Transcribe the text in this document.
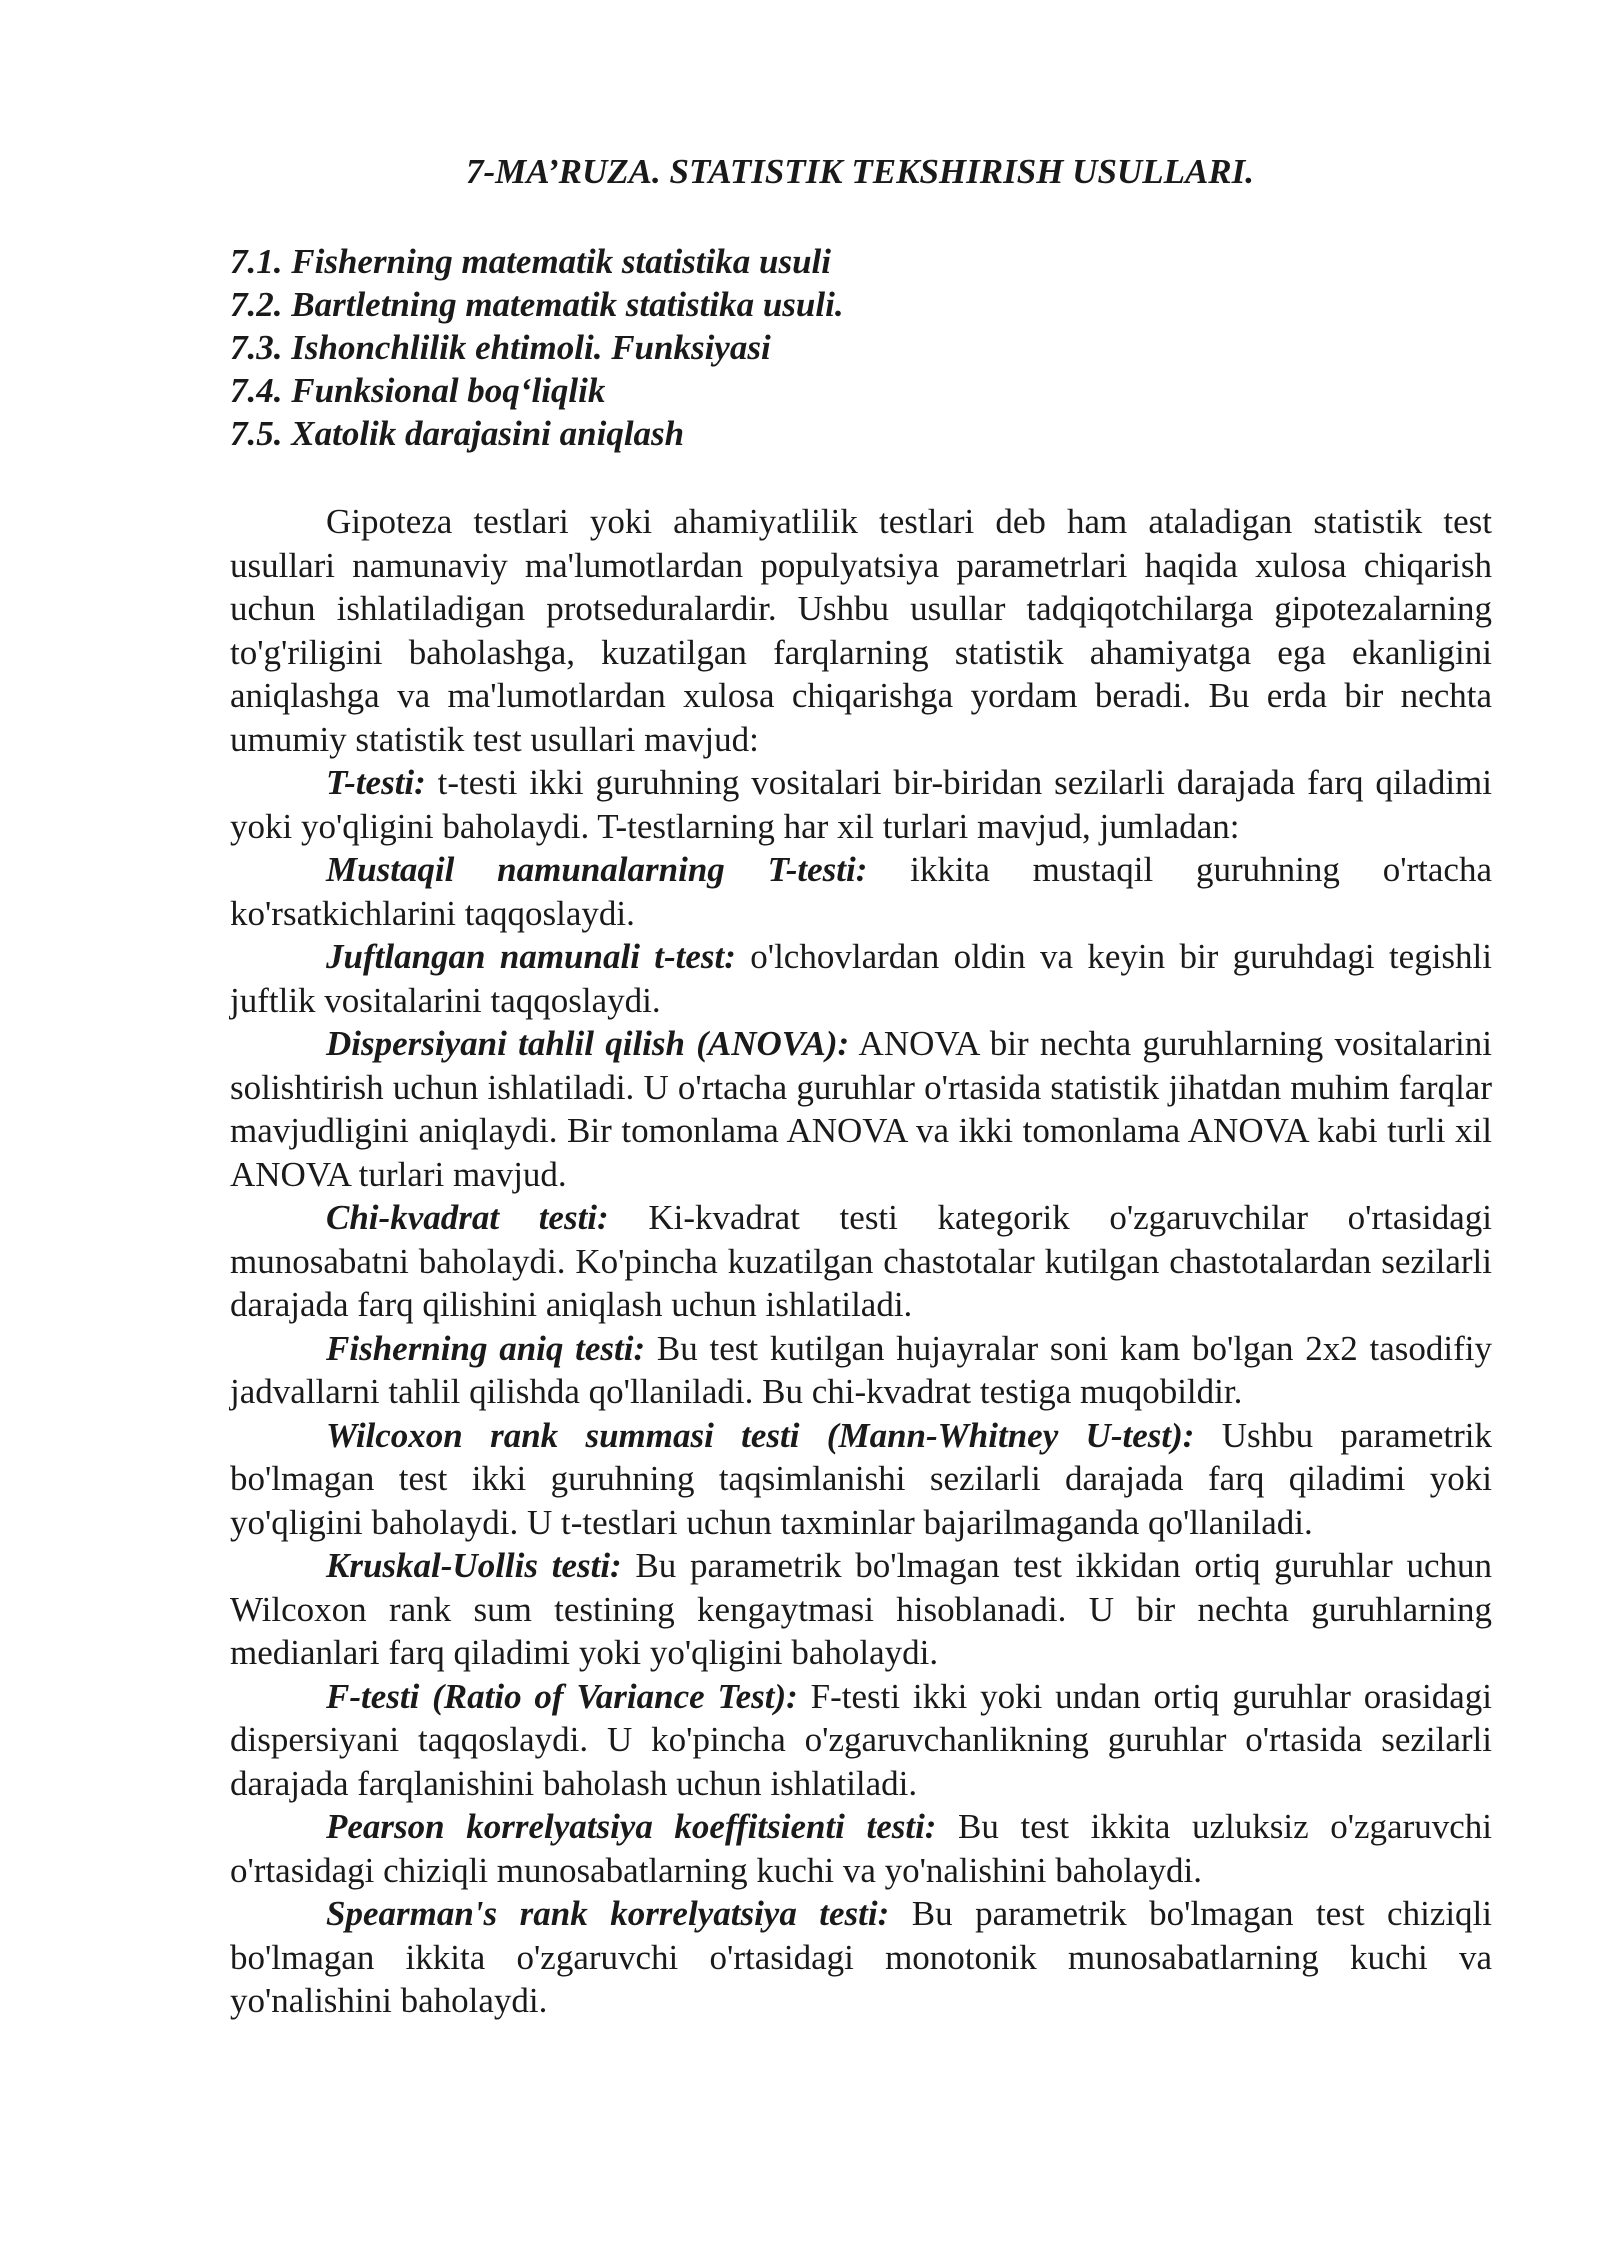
7-MA’RUZA. STATISTIK TEKSHIRISH USULLARI.
7.1. Fisherning matematik statistika usuli
7.2. Bartletning matematik statistika usuli.
7.3. Ishonchlilik ehtimoli. Funksiyasi
7.4. Funksional boq‘liqlik
7.5. Xatolik darajasini aniqlash

Gipoteza testlari yoki ahamiyatlilik testlari deb ham ataladigan statistik test usullari namunaviy ma'lumotlardan populyatsiya parametrlari haqida xulosa chiqarish uchun ishlatiladigan protseduralardir. Ushbu usullar tadqiqotchilarga gipotezalarning to'g'riligini baholashga, kuzatilgan farqlarning statistik ahamiyatga ega ekanligini aniqlashga va ma'lumotlardan xulosa chiqarishga yordam beradi. Bu erda bir nechta umumiy statistik test usullari mavjud:

T-testi: t-testi ikki guruhning vositalari bir-biridan sezilarli darajada farq qiladimi yoki yo'qligini baholaydi. T-testlarning har xil turlari mavjud, jumladan:

Mustaqil namunalarning T-testi: ikkita mustaqil guruhning o'rtacha ko'rsatkichlarini taqqoslaydi.

Juftlangan namunali t-test: o'lchovlardan oldin va keyin bir guruhdagi tegishli juftlik vositalarini taqqoslaydi.

Dispersiyani tahlil qilish (ANOVA): ANOVA bir nechta guruhlarning vositalarini solishtirish uchun ishlatiladi. U o'rtacha guruhlar o'rtasida statistik jihatdan muhim farqlar mavjudligini aniqlaydi. Bir tomonlama ANOVA va ikki tomonlama ANOVA kabi turli xil ANOVA turlari mavjud.

Chi-kvadrat testi: Ki-kvadrat testi kategorik o'zgaruvchilar o'rtasidagi munosabatni baholaydi. Ko'pincha kuzatilgan chastotalar kutilgan chastotalardan sezilarli darajada farq qilishini aniqlash uchun ishlatiladi.

Fisherning aniq testi: Bu test kutilgan hujayralar soni kam bo'lgan 2x2 tasodifiy jadvallarni tahlil qilishda qo'llaniladi. Bu chi-kvadrat testiga muqobildir.

Wilcoxon rank summasi testi (Mann-Whitney U-test): Ushbu parametrik bo'lmagan test ikki guruhning taqsimlanishi sezilarli darajada farq qiladimi yoki yo'qligini baholaydi. U t-testlari uchun taxminlar bajarilmaganda qo'llaniladi.

Kruskal-Uollis testi: Bu parametrik bo'lmagan test ikkidan ortiq guruhlar uchun Wilcoxon rank sum testining kengaytmasi hisoblanadi. U bir nechta guruhlarning medianlari farq qiladimi yoki yo'qligini baholaydi.

F-testi (Ratio of Variance Test): F-testi ikki yoki undan ortiq guruhlar orasidagi dispersiyani taqqoslaydi. U ko'pincha o'zgaruvchanlikning guruhlar o'rtasida sezilarli darajada farqlanishini baholash uchun ishlatiladi.

Pearson korrelyatsiya koeffitsienti testi: Bu test ikkita uzluksiz o'zgaruvchi o'rtasidagi chiziqli munosabatlarning kuchi va yo'nalishini baholaydi.

Spearman's rank korrelyatsiya testi: Bu parametrik bo'lmagan test chiziqli bo'lmagan ikkita o'zgaruvchi o'rtasidagi monotonik munosabatlarning kuchi va yo'nalishini baholaydi.
